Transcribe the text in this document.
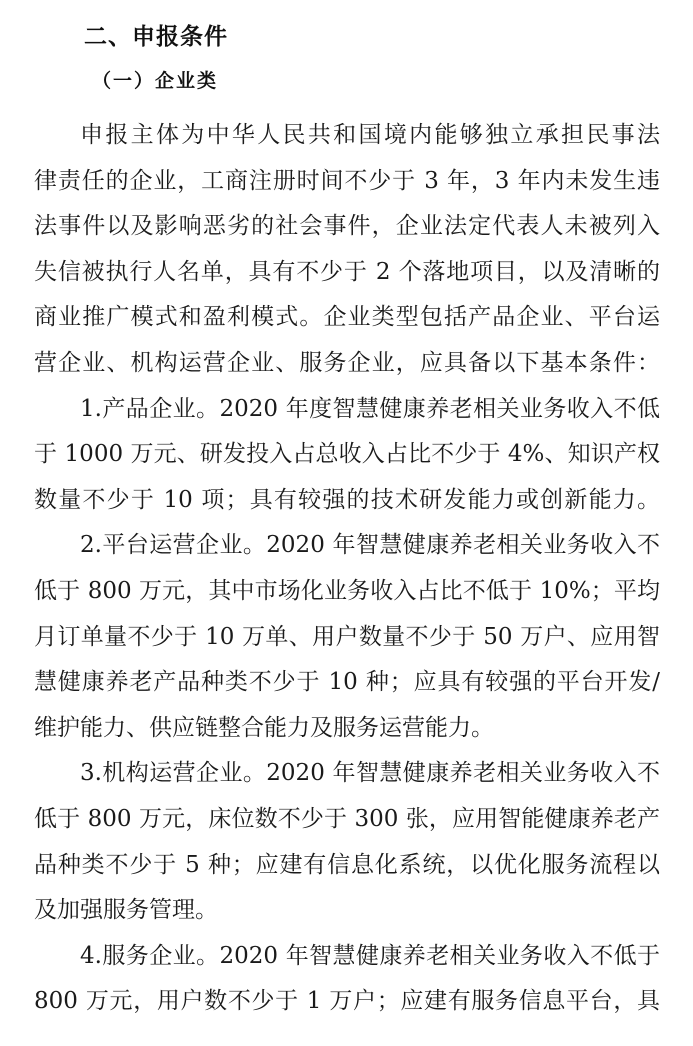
二、申报条件
（一）企业类
申报主体为中华人民共和国境内能够独立承担民事法
律责任的企业，工商注册时间不少于 3 年，3 年内未发生违
法事件以及影响恶劣的社会事件，企业法定代表人未被列入
失信被执行人名单，具有不少于 2 个落地项目，以及清晰的
商业推广模式和盈利模式。企业类型包括产品企业、平台运
营企业、机构运营企业、服务企业，应具备以下基本条件：
1.产品企业。2020 年度智慧健康养老相关业务收入不低
于 1000 万元、研发投入占总收入占比不少于 4%、知识产权
数量不少于 10 项；具有较强的技术研发能力或创新能力。
2.平台运营企业。2020 年智慧健康养老相关业务收入不
低于 800 万元，其中市场化业务收入占比不低于 10%；平均
月订单量不少于 10 万单、用户数量不少于 50 万户、应用智
慧健康养老产品种类不少于 10 种；应具有较强的平台开发/
维护能力、供应链整合能力及服务运营能力。
3.机构运营企业。2020 年智慧健康养老相关业务收入不
低于 800 万元，床位数不少于 300 张，应用智能健康养老产
品种类不少于 5 种；应建有信息化系统，以优化服务流程以
及加强服务管理。
4.服务企业。2020 年智慧健康养老相关业务收入不低于
800 万元，用户数不少于 1 万户；应建有服务信息平台，具
